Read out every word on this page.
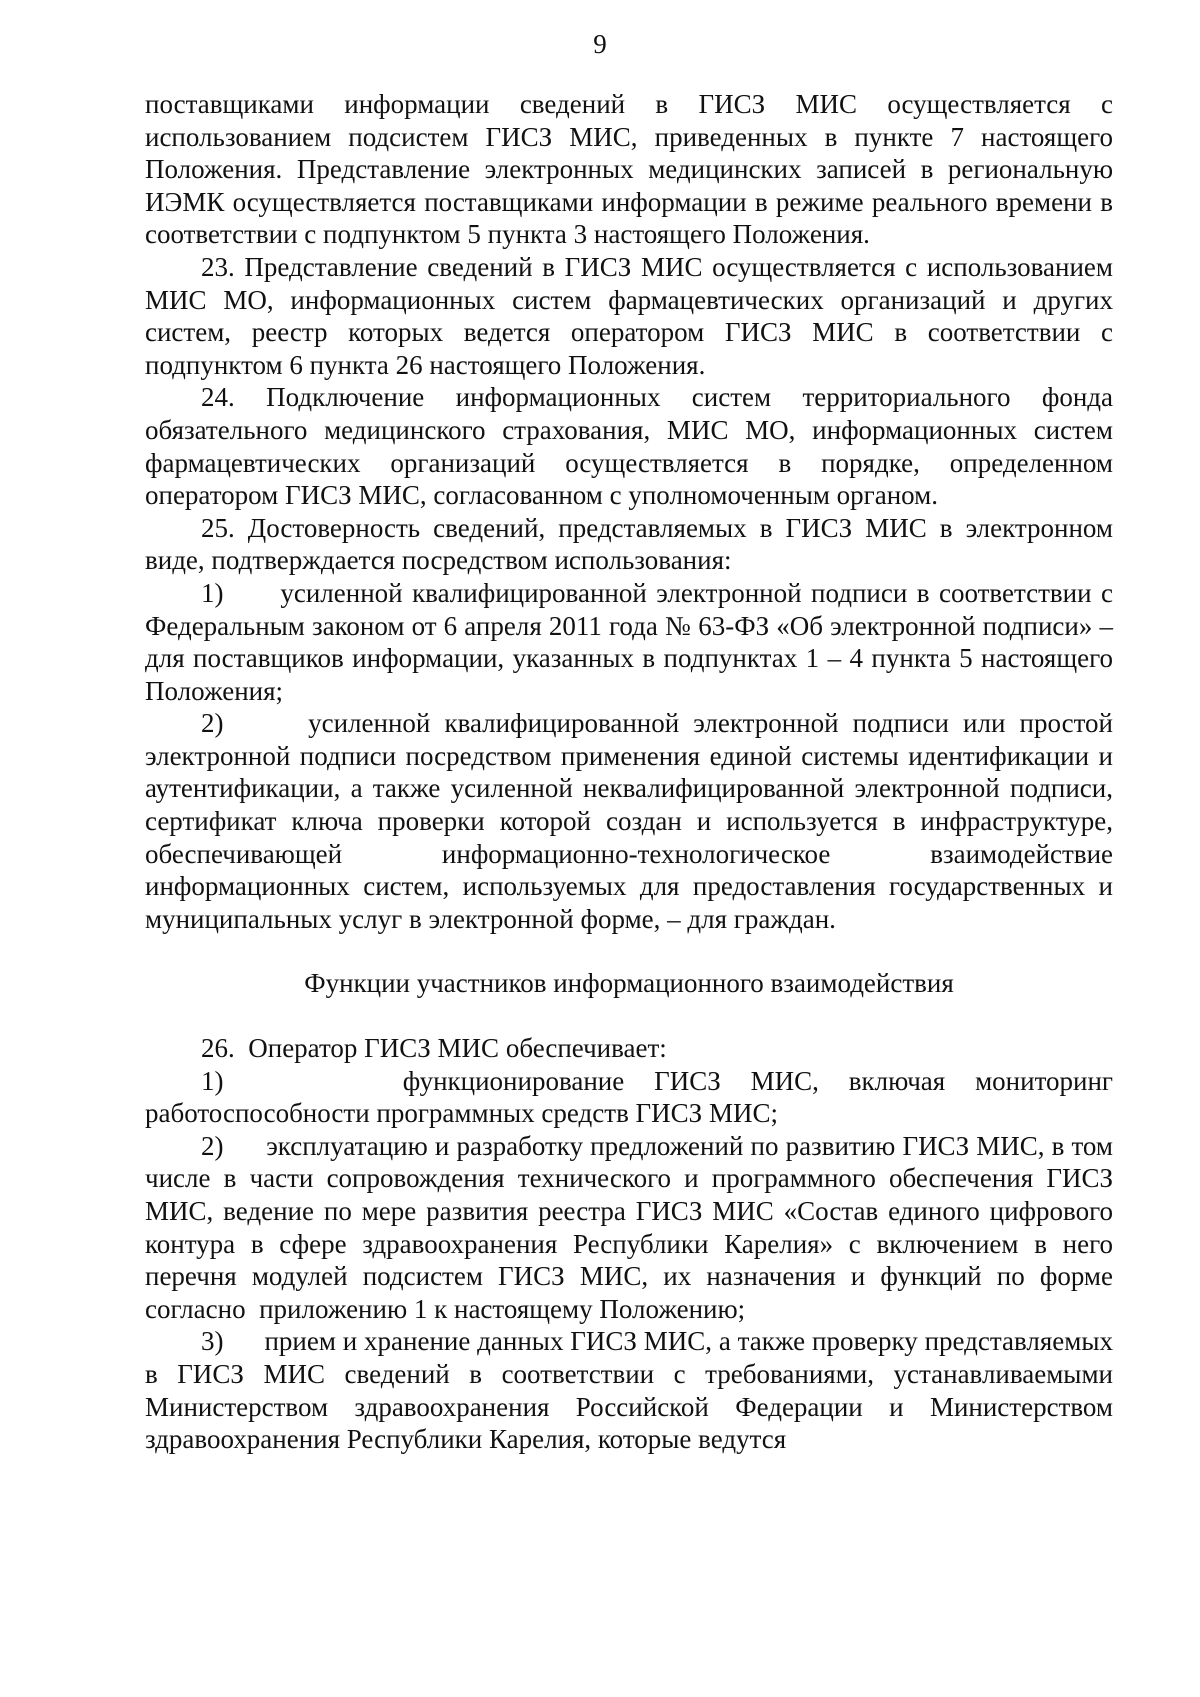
9

поставщиками информации сведений в ГИСЗ МИС осуществляется с использованием подсистем ГИСЗ МИС, приведенных в пункте 7 настоящего Положения. Представление электронных медицинских записей в региональную ИЭМК осуществляется поставщиками информации в режиме реального времени в соответствии с подпунктом 5 пункта 3 настоящего Положения.

23. Представление сведений в ГИСЗ МИС осуществляется с использованием МИС МО, информационных систем фармацевтических организаций и других систем, реестр которых ведется оператором ГИСЗ МИС в соответствии с подпунктом 6 пункта 26 настоящего Положения.

24. Подключение информационных систем территориального фонда обязательного медицинского страхования, МИС МО, информационных систем фармацевтических организаций осуществляется в порядке, определенном оператором ГИСЗ МИС, согласованном с уполномоченным органом.

25. Достоверность сведений, представляемых в ГИСЗ МИС в электронном виде, подтверждается посредством использования:

1)      усиленной квалифицированной электронной подписи в соответствии с Федеральным законом от 6 апреля 2011 года № 63-ФЗ «Об электронной подписи» – для поставщиков информации, указанных в подпунктах 1 – 4 пункта 5 настоящего Положения;

2)      усиленной квалифицированной электронной подписи или простой электронной подписи посредством применения единой системы идентификации и аутентификации, а также усиленной неквалифицированной электронной подписи, сертификат ключа проверки которой создан и используется в инфраструктуре, обеспечивающей информационно-технологическое взаимодействие информационных систем, используемых для предоставления государственных и муниципальных услуг в электронной форме, – для граждан.

Функции участников информационного взаимодействия

26.  Оператор ГИСЗ МИС обеспечивает:

1)      функционирование ГИСЗ МИС, включая мониторинг работоспособности программных средств ГИСЗ МИС;

2)      эксплуатацию и разработку предложений по развитию ГИСЗ МИС, в том числе в части сопровождения технического и программного обеспечения ГИСЗ МИС, ведение по мере развития реестра ГИСЗ МИС «Состав единого цифрового контура в сфере здравоохранения Республики Карелия» с включением в него перечня модулей подсистем ГИСЗ МИС, их назначения и функций по форме  согласно  приложению 1 к настоящему Положению;

3)      прием и хранение данных ГИСЗ МИС, а также проверку представляемых в ГИСЗ МИС сведений в соответствии с требованиями, устанавливаемыми Министерством здравоохранения Российской Федерации и Министерством здравоохранения Республики Карелия, которые ведутся
